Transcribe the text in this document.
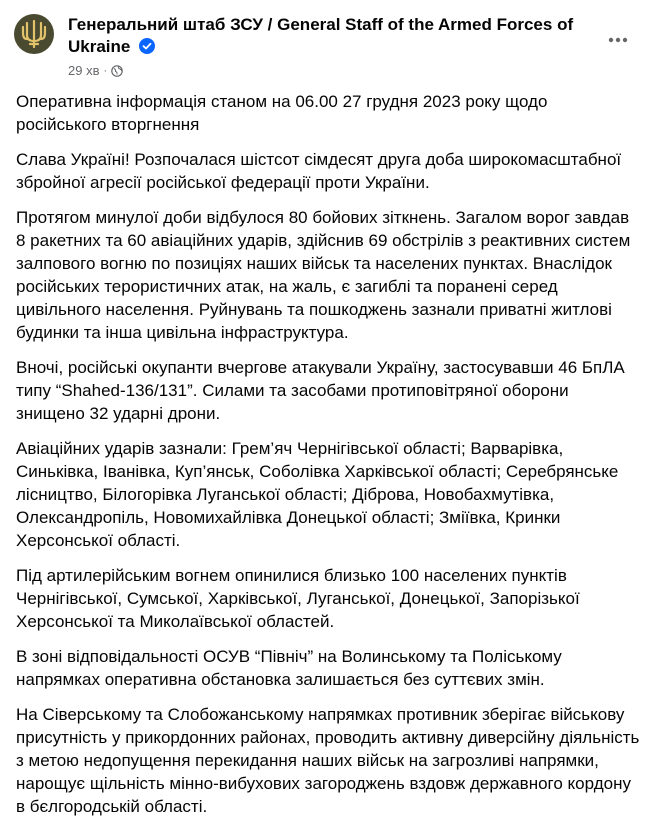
Генеральний штаб ЗСУ / General Staff of the Armed Forces of Ukraine
29 хв ·

Оперативна інформація станом на 06.00 27 грудня 2023 року щодо російського вторгнення

Слава Україні! Розпочалася шістсот сімдесят друга доба широкомасштабної збройної агресії російської федерації проти України.

Протягом минулої доби відбулося 80 бойових зіткнень. Загалом ворог завдав 8 ракетних та 60 авіаційних ударів, здійснив 69 обстрілів з реактивних систем залпового вогню по позиціях наших військ та населених пунктах. Внаслідок російських терористичних атак, на жаль, є загиблі та поранені серед цивільного населення. Руйнувань та пошкоджень зазнали приватні житлові будинки та інша цивільна інфраструктура.

Вночі, російські окупанти вчергове атакували Україну, застосувавши 46 БпЛА типу “Shahed-136/131”. Силами та засобами протиповітряної оборони знищено 32 ударні дрони.

Авіаційних ударів зазнали: Грем’яч Чернігівської області; Варварівка, Синьківка, Іванівка, Куп’янськ, Соболівка Харківської області; Серебрянське лісництво, Білогорівка Луганської області; Діброва, Новобахмутівка, Олександропіль, Новомихайлівка Донецької області; Зміївка, Кринки Херсонської області.

Під артилерійським вогнем опинилися близько 100 населених пунктів Чернігівської, Сумської, Харківської, Луганської, Донецької, Запорізької Херсонської та Миколаївської областей.

В зоні відповідальності ОСУВ “Північ” на Волинському та Поліському напрямках оперативна обстановка залишається без суттєвих змін.

На Сіверському та Слобожанському напрямках противник зберігає військову присутність у прикордонних районах, проводить активну диверсійну діяльність з метою недопущення перекидання наших військ на загрозливі напрямки, нарощує щільність мінно-вибухових загороджень вздовж державного кордону в бєлгородській області.
